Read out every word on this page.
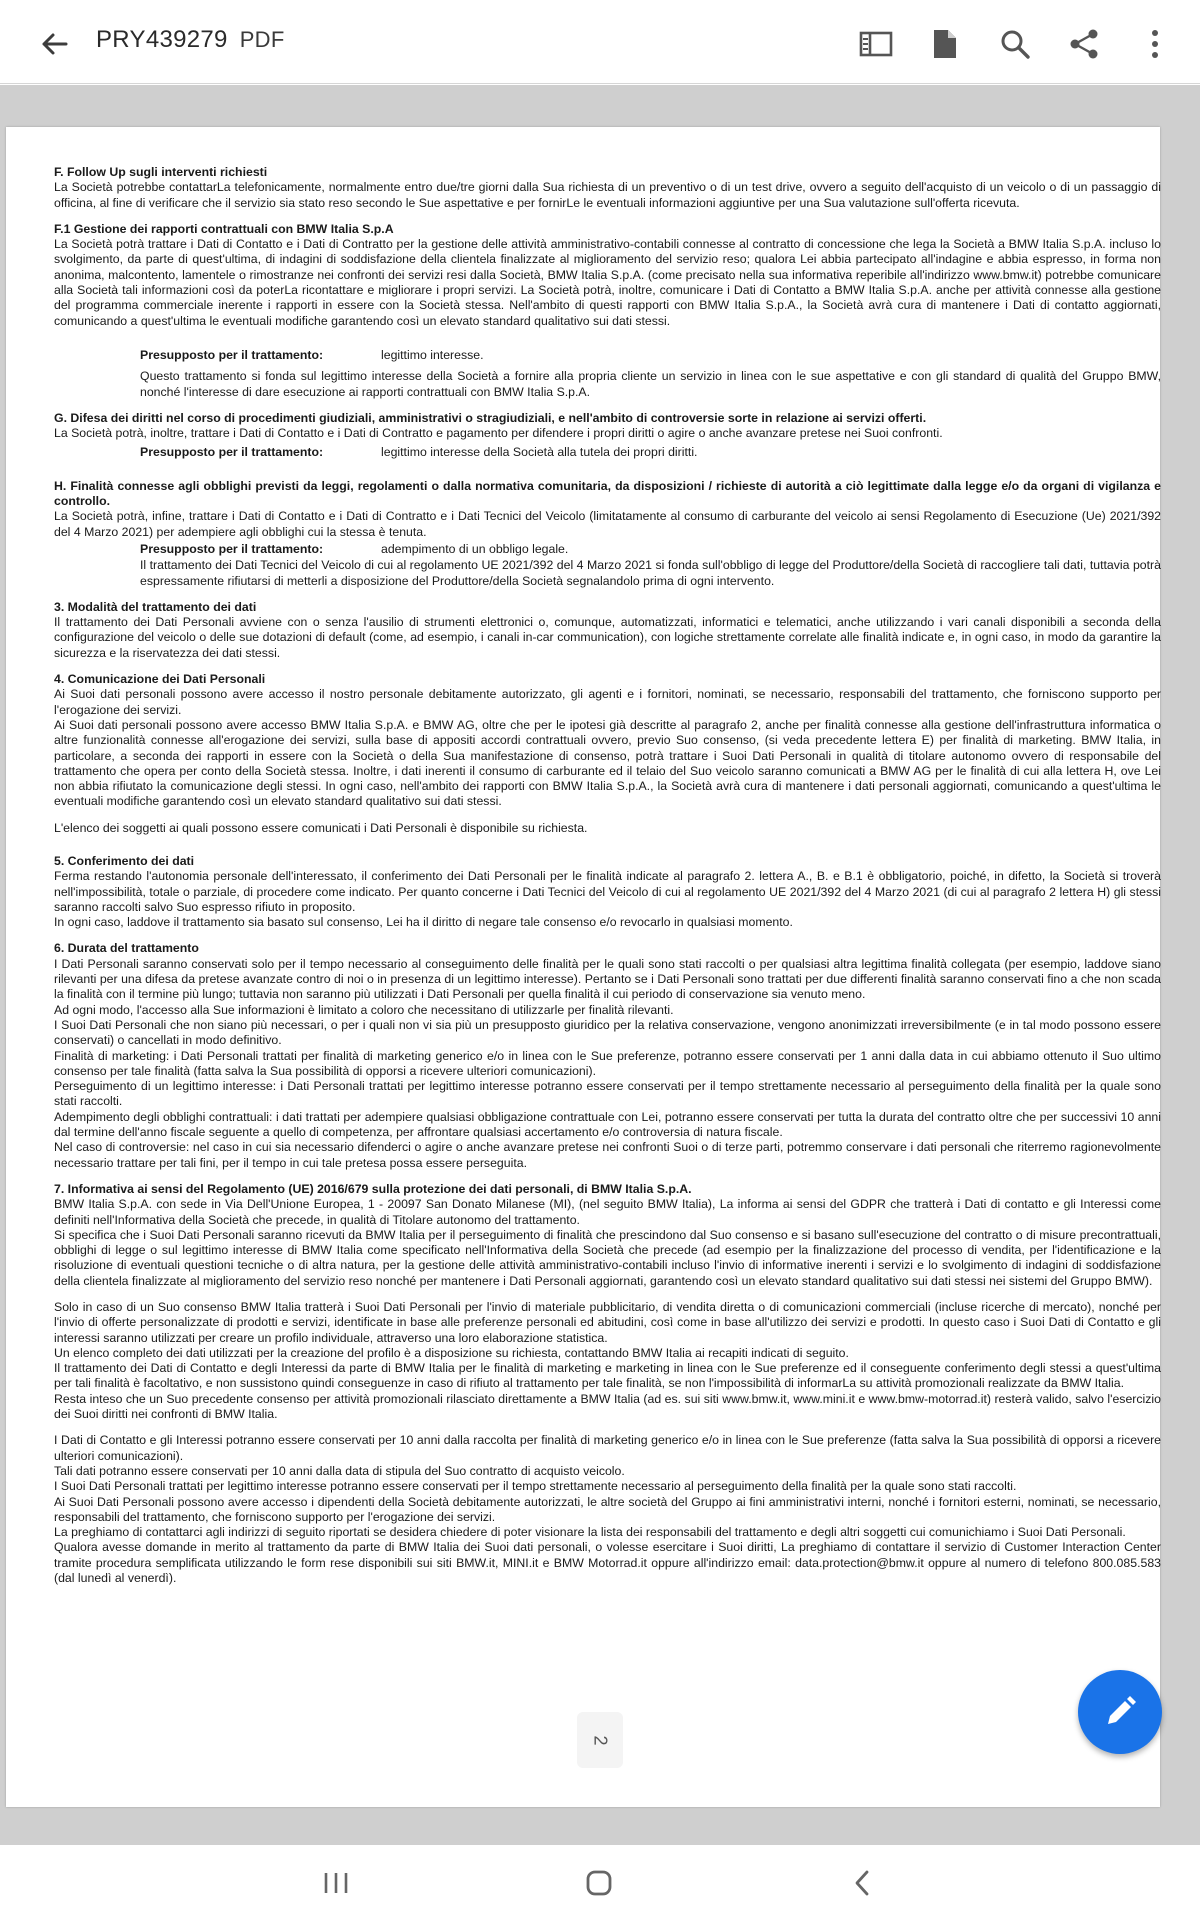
PRY439279 PDF

F. Follow Up sugli interventi richiesti

La Società potrebbe contattarLa telefonicamente, normalmente entro due/tre giorni dalla Sua richiesta di un preventivo o di un test drive, ovvero a seguito dell'acquisto di un veicolo o di un passaggio di officina, al fine di verificare che il servizio sia stato reso secondo le Sue aspettative e per fornirLe le eventuali informazioni aggiuntive per una Sua valutazione sull'offerta ricevuta.

F.1 Gestione dei rapporti contrattuali con BMW Italia S.p.A

La Società potrà trattare i Dati di Contatto e i Dati di Contratto per la gestione delle attività amministrativo-contabili connesse al contratto di concessione che lega la Società a BMW Italia S.p.A. incluso lo svolgimento, da parte di quest'ultima, di indagini di soddisfazione della clientela finalizzate al miglioramento del servizio reso; qualora Lei abbia partecipato all'indagine e abbia espresso, in forma non anonima, malcontento, lamentele o rimostranze nei confronti dei servizi resi dalla Società, BMW Italia S.p.A. (come precisato nella sua informativa reperibile all'indirizzo www.bmw.it) potrebbe comunicare alla Società tali informazioni così da poterLa ricontattare e migliorare i propri servizi. La Società potrà, inoltre, comunicare i Dati di Contatto a BMW Italia S.p.A. anche per attività connesse alla gestione del programma commerciale inerente i rapporti in essere con la Società stessa. Nell'ambito di questi rapporti con BMW Italia S.p.A., la Società avrà cura di mantenere i Dati di contatto aggiornati, comunicando a quest'ultima le eventuali modifiche garantendo così un elevato standard qualitativo sui dati stessi.

Presupposto per il trattamento:	legittimo interesse.

Questo trattamento si fonda sul legittimo interesse della Società a fornire alla propria cliente un servizio in linea con le sue aspettative e con gli standard di qualità del Gruppo BMW, nonché l'interesse di dare esecuzione ai rapporti contrattuali con BMW Italia S.p.A.

G. Difesa dei diritti nel corso di procedimenti giudiziali, amministrativi o stragiudiziali, e nell'ambito di controversie sorte in relazione ai servizi offerti.

La Società potrà, inoltre, trattare i Dati di Contatto e i Dati di Contratto e pagamento per difendere i propri diritti o agire o anche avanzare pretese nei Suoi confronti.

Presupposto per il trattamento:	legittimo interesse della Società alla tutela dei propri diritti.

H. Finalità connesse agli obblighi previsti da leggi, regolamenti o dalla normativa comunitaria, da disposizioni / richieste di autorità a ciò legittimate dalla legge e/o da organi di vigilanza e controllo.

La Società potrà, infine, trattare i Dati di Contatto e i Dati di Contratto e i Dati Tecnici del Veicolo (limitatamente al consumo di carburante del veicolo ai sensi Regolamento di Esecuzione (Ue) 2021/392 del 4 Marzo 2021) per adempiere agli obblighi cui la stessa è tenuta.

Presupposto per il trattamento:	adempimento di un obbligo legale.

Il trattamento dei Dati Tecnici del Veicolo di cui al regolamento UE 2021/392 del 4 Marzo 2021 si fonda sull'obbligo di legge del Produttore/della Società di raccogliere tali dati, tuttavia potrà espressamente rifiutarsi di metterli a disposizione del Produttore/della Società segnalandolo prima di ogni intervento.

3. Modalità del trattamento dei dati

Il trattamento dei Dati Personali avviene con o senza l'ausilio di strumenti elettronici o, comunque, automatizzati, informatici e telematici, anche utilizzando i vari canali disponibili a seconda della configurazione del veicolo o delle sue dotazioni di default (come, ad esempio, i canali in-car communication), con logiche strettamente correlate alle finalità indicate e, in ogni caso, in modo da garantire la sicurezza e la riservatezza dei dati stessi.

4. Comunicazione dei Dati Personali

Ai Suoi dati personali possono avere accesso il nostro personale debitamente autorizzato, gli agenti e i fornitori, nominati, se necessario, responsabili del trattamento, che forniscono supporto per l'erogazione dei servizi.

Ai Suoi dati personali possono avere accesso BMW Italia S.p.A. e BMW AG, oltre che per le ipotesi già descritte al paragrafo 2, anche per finalità connesse alla gestione dell'infrastruttura informatica o altre funzionalità connesse all'erogazione dei servizi, sulla base di appositi accordi contrattuali ovvero, previo Suo consenso, (si veda precedente lettera E) per finalità di marketing. BMW Italia, in particolare, a seconda dei rapporti in essere con la Società o della Sua manifestazione di consenso, potrà trattare i Suoi Dati Personali in qualità di titolare autonomo ovvero di responsabile del trattamento che opera per conto della Società stessa. Inoltre, i dati inerenti il consumo di carburante ed il telaio del Suo veicolo saranno comunicati a BMW AG per le finalità di cui alla lettera H, ove Lei non abbia rifiutato la comunicazione degli stessi. In ogni caso, nell'ambito dei rapporti con BMW Italia S.p.A., la Società avrà cura di mantenere i dati personali aggiornati, comunicando a quest'ultima le eventuali modifiche garantendo così un elevato standard qualitativo sui dati stessi.

L'elenco dei soggetti ai quali possono essere comunicati i Dati Personali è disponibile su richiesta.

5. Conferimento dei dati

Ferma restando l'autonomia personale dell'interessato, il conferimento dei Dati Personali per le finalità indicate al paragrafo 2. lettera A., B. e B.1 è obbligatorio, poiché, in difetto, la Società si troverà nell'impossibilità, totale o parziale, di procedere come indicato. Per quanto concerne i Dati Tecnici del Veicolo di cui al regolamento UE 2021/392 del 4 Marzo 2021 (di cui al paragrafo 2 lettera H) gli stessi saranno raccolti salvo Suo espresso rifiuto in proposito.

In ogni caso, laddove il trattamento sia basato sul consenso, Lei ha il diritto di negare tale consenso e/o revocarlo in qualsiasi momento.

6. Durata del trattamento

I Dati Personali saranno conservati solo per il tempo necessario al conseguimento delle finalità per le quali sono stati raccolti o per qualsiasi altra legittima finalità collegata (per esempio, laddove siano rilevanti per una difesa da pretese avanzate contro di noi o in presenza di un legittimo interesse). Pertanto se i Dati Personali sono trattati per due differenti finalità saranno conservati fino a che non scada la finalità con il termine più lungo; tuttavia non saranno più utilizzati i Dati Personali per quella finalità il cui periodo di conservazione sia venuto meno.

Ad ogni modo, l'accesso alla Sue informazioni è limitato a coloro che necessitano di utilizzarle per finalità rilevanti.

I Suoi Dati Personali che non siano più necessari, o per i quali non vi sia più un presupposto giuridico per la relativa conservazione, vengono anonimizzati irreversibilmente (e in tal modo possono essere conservati) o cancellati in modo definitivo.

Finalità di marketing: i Dati Personali trattati per finalità di marketing generico e/o in linea con le Sue preferenze, potranno essere conservati per 1 anni dalla data in cui abbiamo ottenuto il Suo ultimo consenso per tale finalità (fatta salva la Sua possibilità di opporsi a ricevere ulteriori comunicazioni).

Perseguimento di un legittimo interesse: i Dati Personali trattati per legittimo interesse potranno essere conservati per il tempo strettamente necessario al perseguimento della finalità per la quale sono stati raccolti.

Adempimento degli obblighi contrattuali: i dati trattati per adempiere qualsiasi obbligazione contrattuale con Lei, potranno essere conservati per tutta la durata del contratto oltre che per successivi 10 anni dal termine dell'anno fiscale seguente a quello di competenza, per affrontare qualsiasi accertamento e/o controversia di natura fiscale.

Nel caso di controversie: nel caso in cui sia necessario difenderci o agire o anche avanzare pretese nei confronti Suoi o di terze parti, potremmo conservare i dati personali che riterremo ragionevolmente necessario trattare per tali fini, per il tempo in cui tale pretesa possa essere perseguita.

7. Informativa ai sensi del Regolamento (UE) 2016/679 sulla protezione dei dati personali, di BMW Italia S.p.A.

BMW Italia S.p.A. con sede in Via Dell'Unione Europea, 1 - 20097 San Donato Milanese (MI), (nel seguito BMW Italia), La informa ai sensi del GDPR che tratterà i Dati di contatto e gli Interessi come definiti nell'Informativa della Società che precede, in qualità di Titolare autonomo del trattamento.

Si specifica che i Suoi Dati Personali saranno ricevuti da BMW Italia per il perseguimento di finalità che prescindono dal Suo consenso e si basano sull'esecuzione del contratto o di misure precontrattuali, obblighi di legge o sul legittimo interesse di BMW Italia come specificato nell'Informativa della Società che precede (ad esempio per la finalizzazione del processo di vendita, per l'identificazione e la risoluzione di eventuali questioni tecniche o di altra natura, per la gestione delle attività amministrativo-contabili incluso l'invio di informative inerenti i servizi e lo svolgimento di indagini di soddisfazione della clientela finalizzate al miglioramento del servizio reso nonché per mantenere i Dati Personali aggiornati, garantendo così un elevato standard qualitativo sui dati stessi nei sistemi del Gruppo BMW).

Solo in caso di un Suo consenso BMW Italia tratterà i Suoi Dati Personali per l'invio di materiale pubblicitario, di vendita diretta o di comunicazioni commerciali (incluse ricerche di mercato), nonché per l'invio di offerte personalizzate di prodotti e servizi, identificate in base alle preferenze personali ed abitudini, così come in base all'utilizzo dei servizi e prodotti. In questo caso i Suoi Dati di Contatto e gli interessi saranno utilizzati per creare un profilo individuale, attraverso una loro elaborazione statistica.

Un elenco completo dei dati utilizzati per la creazione del profilo è a disposizione su richiesta, contattando BMW Italia ai recapiti indicati di seguito.

Il trattamento dei Dati di Contatto e degli Interessi da parte di BMW Italia per le finalità di marketing e marketing in linea con le Sue preferenze ed il conseguente conferimento degli stessi a quest'ultima per tali finalità è facoltativo, e non sussistono quindi conseguenze in caso di rifiuto al trattamento per tale finalità, se non l'impossibilità di informarLa su attività promozionali realizzate da BMW Italia.

Resta inteso che un Suo precedente consenso per attività promozionali rilasciato direttamente a BMW Italia (ad es. sui siti www.bmw.it, www.mini.it e www.bmw-motorrad.it) resterà valido, salvo l'esercizio dei Suoi diritti nei confronti di BMW Italia.

I Dati di Contatto e gli Interessi potranno essere conservati per 10 anni dalla raccolta per finalità di marketing generico e/o in linea con le Sue preferenze (fatta salva la Sua possibilità di opporsi a ricevere ulteriori comunicazioni).

Tali dati potranno essere conservati per 10 anni dalla data di stipula del Suo contratto di acquisto veicolo.

I Suoi Dati Personali trattati per legittimo interesse potranno essere conservati per il tempo strettamente necessario al perseguimento della finalità per la quale sono stati raccolti.

Ai Suoi Dati Personali possono avere accesso i dipendenti della Società debitamente autorizzati, le altre società del Gruppo ai fini amministrativi interni, nonché i fornitori esterni, nominati, se necessario, responsabili del trattamento, che forniscono supporto per l'erogazione dei servizi.

La preghiamo di contattarci agli indirizzi di seguito riportati se desidera chiedere di poter visionare la lista dei responsabili del trattamento e degli altri soggetti cui comunichiamo i Suoi Dati Personali.

Qualora avesse domande in merito al trattamento da parte di BMW Italia dei Suoi dati personali, o volesse esercitare i Suoi diritti, La preghiamo di contattare il servizio di Customer Interaction Center tramite procedura semplificata utilizzando le form rese disponibili sui siti BMW.it, MINI.it e BMW Motorrad.it oppure all'indirizzo email: data.protection@bmw.it oppure al numero di telefono 800.085.583 (dal lunedì al venerdì).

2
